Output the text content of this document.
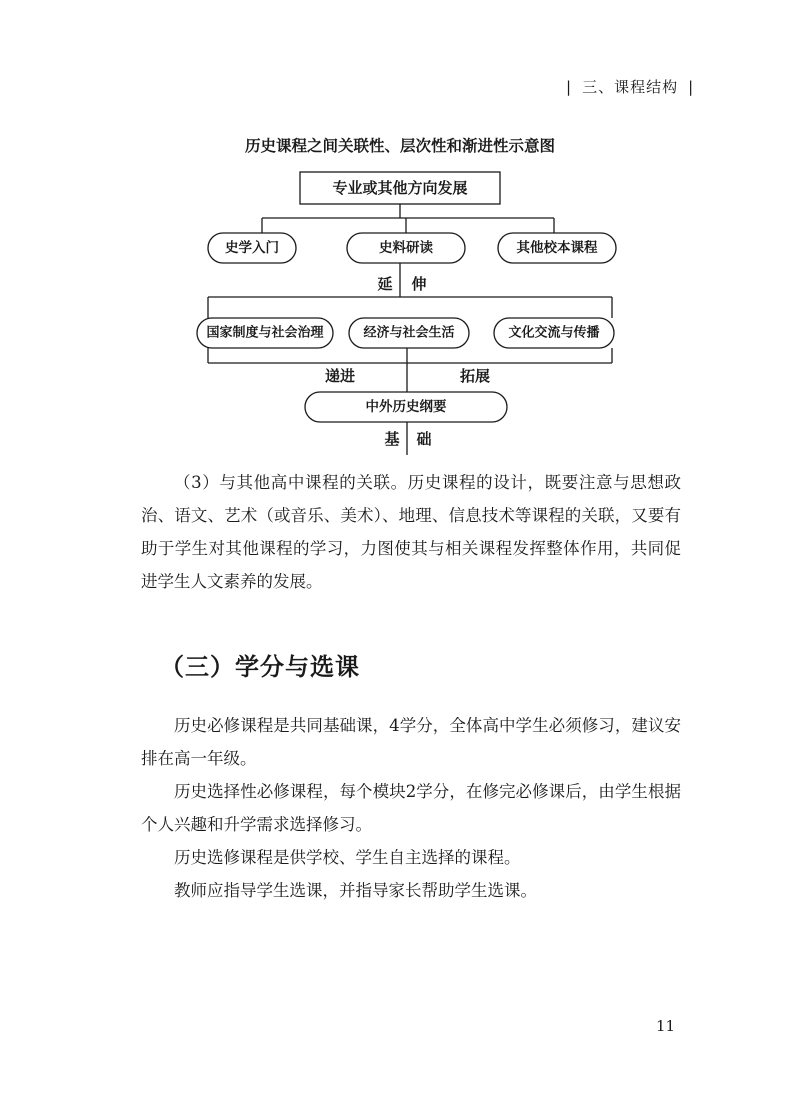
| 三、课程结构 |
历史课程之间关联性、层次性和渐进性示意图
专业或其他方向发展
史学入门	史料研读	其他校本课程
延 伸
国家制度与社会治理	经济与社会生活	文化交流与传播
递进	拓展
中外历史纲要
基 础

（3）与其他高中课程的关联。历史课程的设计，既要注意与思想政治、语文、艺术（或音乐、美术）、地理、信息技术等课程的关联，又要有助于学生对其他课程的学习，力图使其与相关课程发挥整体作用，共同促进学生人文素养的发展。

（三）学分与选课

历史必修课程是共同基础课，4学分，全体高中学生必须修习，建议安排在高一年级。

历史选择性必修课程，每个模块2学分，在修完必修课后，由学生根据个人兴趣和升学需求选择修习。

历史选修课程是供学校、学生自主选择的课程。

教师应指导学生选课，并指导家长帮助学生选课。

11
